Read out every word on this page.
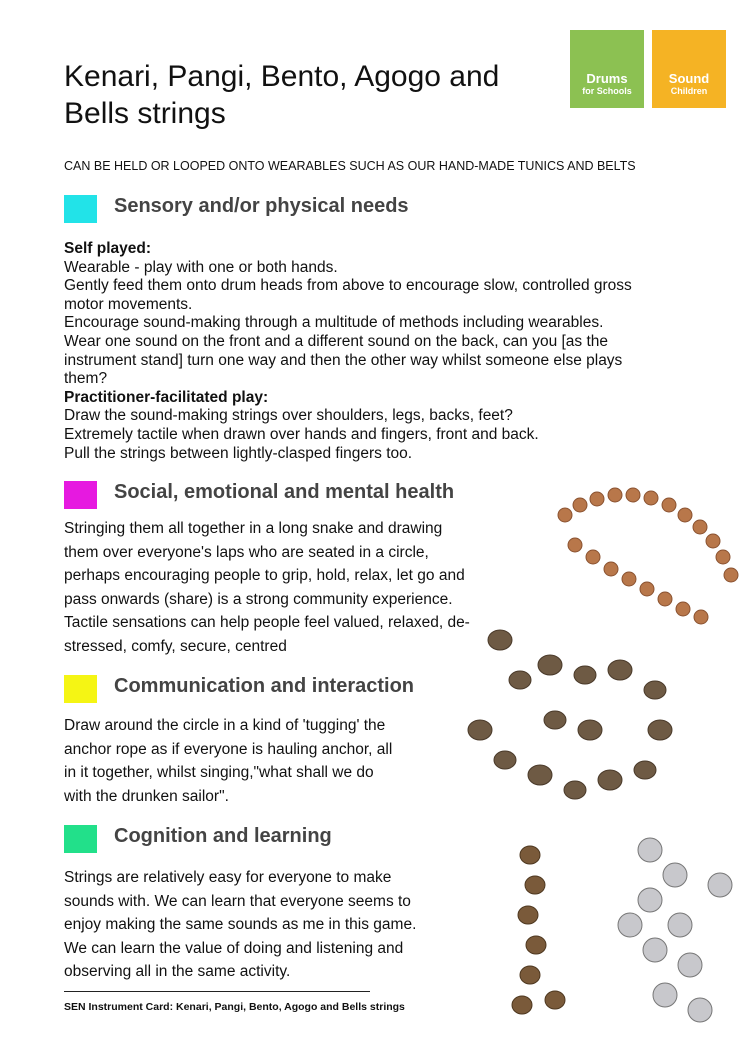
Drums
for Schools
Sound
Children
Kenari, Pangi, Bento, Agogo and Bells strings
CAN BE HELD OR LOOPED ONTO WEARABLES SUCH AS OUR HAND-MADE TUNICS AND BELTS
Sensory and/or physical needs
Self played:
Wearable - play with one or both hands.
Gently feed them onto drum heads from above to encourage slow, controlled gross
motor movements.
Encourage sound-making through a multitude of methods including wearables.
Wear one sound on the front and a different sound on the back, can you [as the
instrument stand] turn one way and then the other way whilst someone else plays
them?
Practitioner-facilitated play:
Draw the sound-making strings over shoulders, legs, backs, feet?
Extremely tactile when drawn over hands and fingers, front and back.
Pull the strings between lightly-clasped fingers too.
Social, emotional and mental health
Stringing them all together in a long snake and drawing them over everyone's laps who are seated in a circle, perhaps encouraging people to grip, hold, relax, let go and pass onwards (share) is a strong community experience. Tactile sensations can help people feel valued, relaxed, de-stressed, comfy, secure, centred
Communication and interaction
Draw around the circle in a kind of 'tugging' the anchor rope as if everyone is hauling anchor, all in it together, whilst singing,"what shall we do with the drunken sailor".
Cognition and learning
Strings are relatively easy for everyone to make sounds with. We can learn that everyone seems to enjoy making the same sounds as me in this game. We can learn the value of doing and listening and observing all in the same activity.
SEN Instrument Card: Kenari, Pangi, Bento, Agogo and Bells strings
